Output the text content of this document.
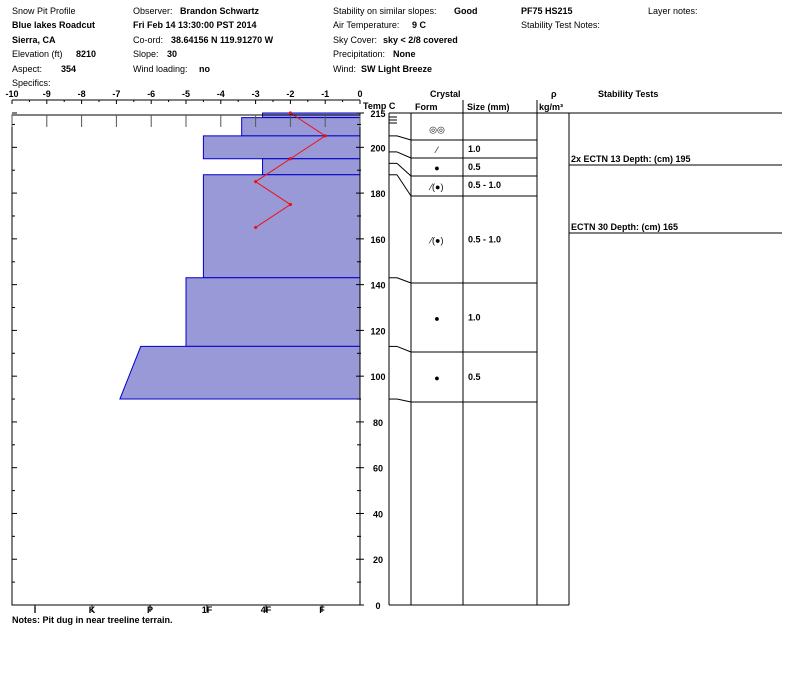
Snow Pit Profile
Blue lakes Roadcut
Sierra, CA
Elevation (ft) 8210
Aspect: 354
Specifics:
Observer: Brandon Schwartz
Fri Feb 14 13:30:00 PST 2014
Co-ord: 38.64156 N 119.91270 W
Slope: 30
Wind loading: no
Stability on similar slopes: Good
Air Temperature: 9 C
Sky Cover: sky < 2/8 covered
Precipitation: None
Wind: SW Light Breeze
PF75 HS215
Stability Test Notes:
Layer notes:
-10	-9	-8	-7	-6	-5	-4	-3	-2	-1	0
I	K	P	1F	4F	F
215
200
180
160
140
120
100
80
60
40
20
0
◎◎
⁄	1.0
●	0.5
⁄(●)	0.5 - 1.0
⁄(●)	0.5 - 1.0
●	1.0
●	0.5
2x ECTN 13 Depth: (cm) 195
ECTN 30 Depth: (cm) 165
Temp C
Crystal
Form	Size (mm)
ρ
kg/m³
Stability Tests
Notes: Pit dug in near treeline terrain.
